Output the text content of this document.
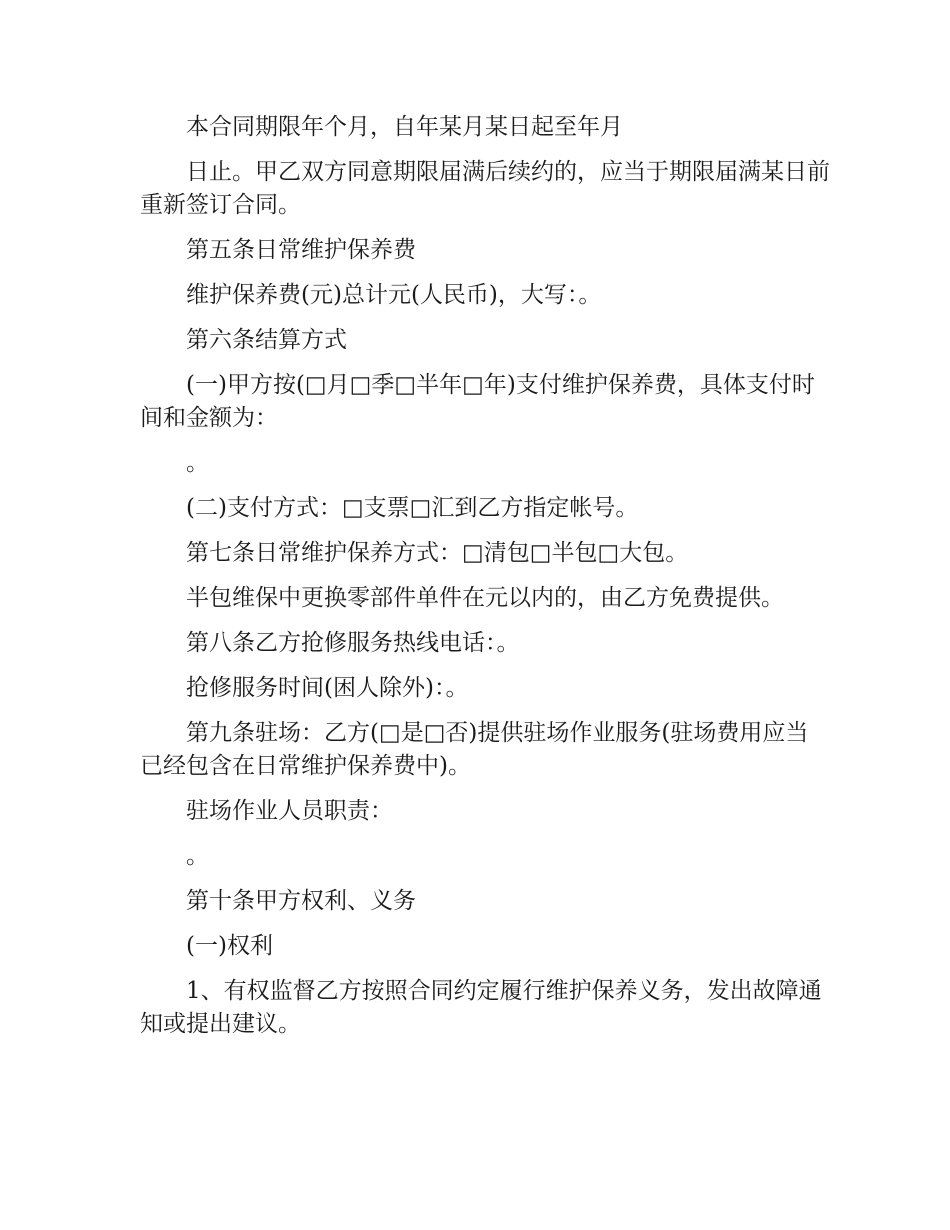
本合同期限年个月，自年某月某日起至年月

日止。甲乙双方同意期限届满后续约的，应当于期限届满某日前重新签订合同。

第五条日常维护保养费

维护保养费(元)总计元(人民币)，大写：。

第六条结算方式

(一)甲方按(□月□季□半年□年)支付维护保养费，具体支付时间和金额为：

。

(二)支付方式：□支票□汇到乙方指定帐号。

第七条日常维护保养方式：□清包□半包□大包。

半包维保中更换零部件单件在元以内的，由乙方免费提供。

第八条乙方抢修服务热线电话：。

抢修服务时间(困人除外)：。

第九条驻场：乙方(□是□否)提供驻场作业服务(驻场费用应当已经包含在日常维护保养费中)。

驻场作业人员职责：

。

第十条甲方权利、义务

(一)权利

1、有权监督乙方按照合同约定履行维护保养义务，发出故障通知或提出建议。
